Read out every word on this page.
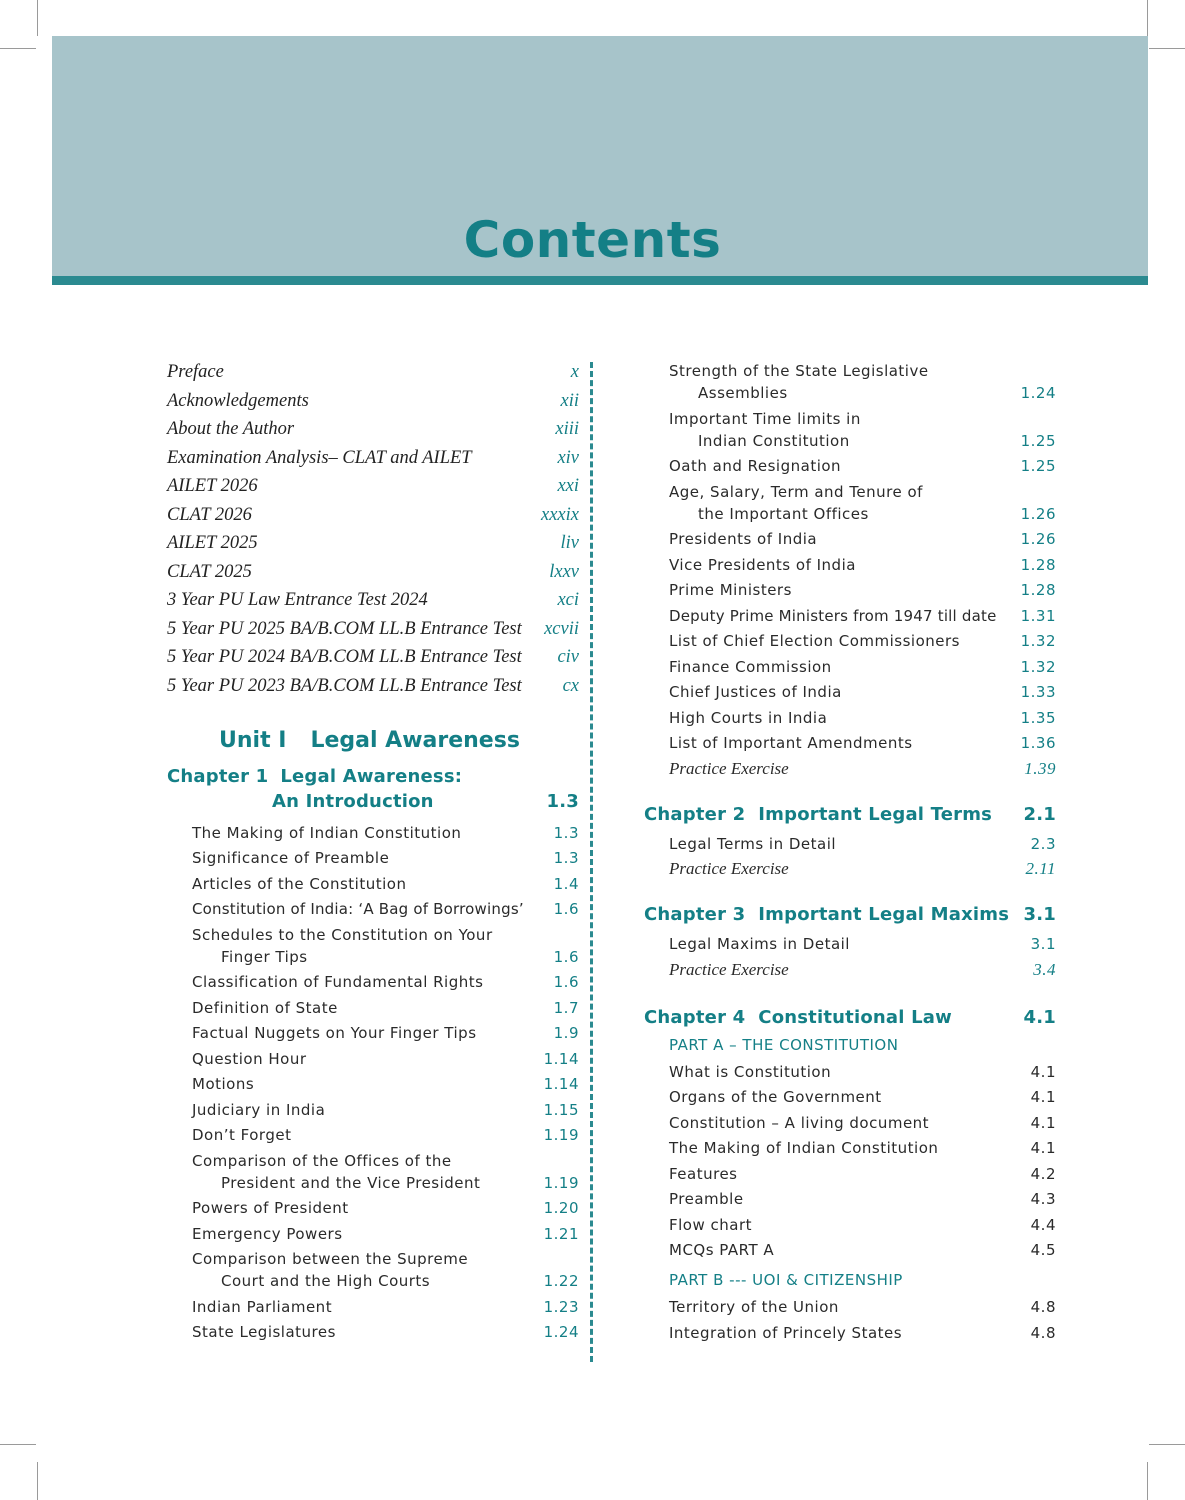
Contents
Preface	x
Acknowledgements	xii
About the Author	xiii
Examination Analysis– CLAT and AILET	xiv
AILET 2026	xxi
CLAT 2026	xxxix
AILET 2025	liv
CLAT 2025	lxxv
3 Year PU Law Entrance Test 2024	xci
5 Year PU 2025 BA/B.COM LL.B Entrance Test	xcvii
5 Year PU 2024 BA/B.COM LL.B Entrance Test	civ
5 Year PU 2023 BA/B.COM LL.B Entrance Test	cx
Unit I Legal Awareness
Chapter 1 Legal Awareness:
An Introduction	1.3
The Making of Indian Constitution	1.3
Significance of Preamble	1.3
Articles of the Constitution	1.4
Constitution of India: ‘A Bag of Borrowings’	1.6
Schedules to the Constitution on Your Finger Tips	1.6
Classification of Fundamental Rights	1.6
Definition of State	1.7
Factual Nuggets on Your Finger Tips	1.9
Question Hour	1.14
Motions	1.14
Judiciary in India	1.15
Don’t Forget	1.19
Comparison of the Offices of the President and the Vice President	1.19
Powers of President	1.20
Emergency Powers	1.21
Comparison between the Supreme Court and the High Courts	1.22
Indian Parliament	1.23
State Legislatures	1.24
Strength of the State Legislative Assemblies	1.24
Important Time limits in Indian Constitution	1.25
Oath and Resignation	1.25
Age, Salary, Term and Tenure of the Important Offices	1.26
Presidents of India	1.26
Vice Presidents of India	1.28
Prime Ministers	1.28
Deputy Prime Ministers from 1947 till date	1.31
List of Chief Election Commissioners	1.32
Finance Commission	1.32
Chief Justices of India	1.33
High Courts in India	1.35
List of Important Amendments	1.36
Practice Exercise	1.39
Chapter 2 Important Legal Terms	2.1
Legal Terms in Detail	2.3
Practice Exercise	2.11
Chapter 3 Important Legal Maxims 3.1
Legal Maxims in Detail	3.1
Practice Exercise	3.4
Chapter 4 Constitutional Law	4.1
PART A – THE CONSTITUTION
What is Constitution	4.1
Organs of the Government	4.1
Constitution – A living document	4.1
The Making of Indian Constitution	4.1
Features	4.2
Preamble	4.3
Flow chart	4.4
MCQs PART A	4.5
PART B --- UOI & CITIZENSHIP
Territory of the Union	4.8
Integration of Princely States	4.8
